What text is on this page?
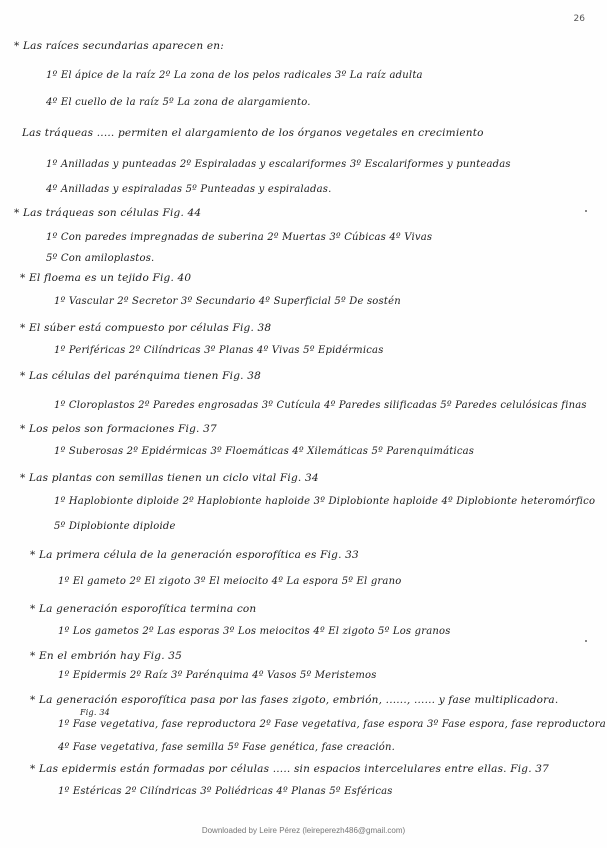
26
* Las raíces secundarias aparecen en:
1º El ápice de la raíz 2º La zona de los pelos radicales 3º La raíz adulta
4º El cuello de la raíz 5º La zona de alargamiento.
Las tráqueas ..... permiten el alargamiento de los órganos vegetales en crecimiento
1º Anilladas y punteadas 2º Espiraladas y escalariformes 3º Escalariformes y punteadas
4º Anilladas y espiraladas 5º Punteadas y espiraladas.
* Las tráqueas son células Fig. 44
1º Con paredes impregnadas de suberina 2º Muertas 3º Cúbicas 4º Vivas
5º Con amiloplastos.
* El floema es un tejido Fig. 40
1º Vascular 2º Secretor 3º Secundario 4º Superficial 5º De sostén
* El súber está compuesto por células Fig. 38
1º Periféricas 2º Cilíndricas 3º Planas 4º Vivas 5º Epidérmicas
* Las células del parénquima tienen Fig. 38
1º Cloroplastos 2º Paredes engrosadas 3º Cutícula 4º Paredes silificadas 5º Paredes celulósicas finas
* Los pelos son formaciones Fig. 37
1º Suberosas 2º Epidérmicas 3º Floemáticas 4º Xilemáticas 5º Parenquimáticas
* Las plantas con semillas tienen un ciclo vital Fig. 34
1º Haplobionte diploide 2º Haplobionte haploide 3º Diplobionte haploide 4º Diplobionte heteromórfico
5º Diplobionte diploide
* La primera célula de la generación esporofítica es Fig. 33
1º El gameto 2º El zigoto 3º El meiocito 4º La espora 5º El grano
* La generación esporofítica termina con
1º Los gametos 2º Las esporas 3º Los meiocitos 4º El zigoto 5º Los granos
* En el embrión hay Fig. 35
1º Epidermis 2º Raíz 3º Parénquima 4º Vasos 5º Meristemos
* La generación esporofítica pasa por las fases zigoto, embrión, ......, ...... y fase multiplicadora.
Fig. 34
1º Fase vegetativa, fase reproductora 2º Fase vegetativa, fase espora 3º Fase espora, fase reproductora
4º Fase vegetativa, fase semilla 5º Fase genética, fase creación.
* Las epidermis están formadas por células ..... sin espacios intercelulares entre ellas. Fig. 37
1º Estéricas 2º Cilíndricas 3º Poliédricas 4º Planas 5º Esféricas
Downloaded by Leire Pérez (leireperezh486@gmail.com)
